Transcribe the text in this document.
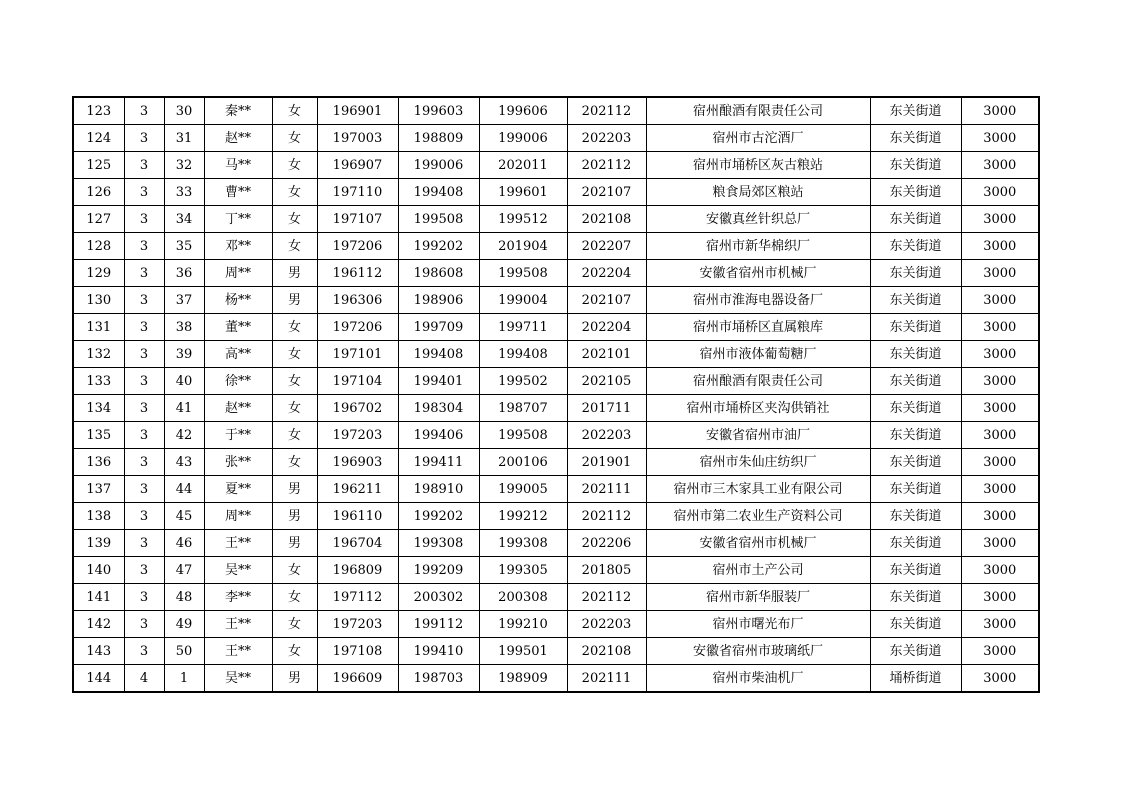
123	3	30	秦**	女	196901	199603	199606	202112	宿州酿酒有限责任公司	东关街道	3000
124	3	31	赵**	女	197003	198809	199006	202203	宿州市古沱酒厂	东关街道	3000
125	3	32	马**	女	196907	199006	202011	202112	宿州市埇桥区灰古粮站	东关街道	3000
126	3	33	曹**	女	197110	199408	199601	202107	粮食局郊区粮站	东关街道	3000
127	3	34	丁**	女	197107	199508	199512	202108	安徽真丝针织总厂	东关街道	3000
128	3	35	邓**	女	197206	199202	201904	202207	宿州市新华棉织厂	东关街道	3000
129	3	36	周**	男	196112	198608	199508	202204	安徽省宿州市机械厂	东关街道	3000
130	3	37	杨**	男	196306	198906	199004	202107	宿州市淮海电器设备厂	东关街道	3000
131	3	38	董**	女	197206	199709	199711	202204	宿州市埇桥区直属粮库	东关街道	3000
132	3	39	高**	女	197101	199408	199408	202101	宿州市液体葡萄糖厂	东关街道	3000
133	3	40	徐**	女	197104	199401	199502	202105	宿州酿酒有限责任公司	东关街道	3000
134	3	41	赵**	女	196702	198304	198707	201711	宿州市埇桥区夹沟供销社	东关街道	3000
135	3	42	于**	女	197203	199406	199508	202203	安徽省宿州市油厂	东关街道	3000
136	3	43	张**	女	196903	199411	200106	201901	宿州市朱仙庄纺织厂	东关街道	3000
137	3	44	夏**	男	196211	198910	199005	202111	宿州市三木家具工业有限公司	东关街道	3000
138	3	45	周**	男	196110	199202	199212	202112	宿州市第二农业生产资料公司	东关街道	3000
139	3	46	王**	男	196704	199308	199308	202206	安徽省宿州市机械厂	东关街道	3000
140	3	47	吴**	女	196809	199209	199305	201805	宿州市土产公司	东关街道	3000
141	3	48	李**	女	197112	200302	200308	202112	宿州市新华服装厂	东关街道	3000
142	3	49	王**	女	197203	199112	199210	202203	宿州市曙光布厂	东关街道	3000
143	3	50	王**	女	197108	199410	199501	202108	安徽省宿州市玻璃纸厂	东关街道	3000
144	4	1	吴**	男	196609	198703	198909	202111	宿州市柴油机厂	埇桥街道	3000
